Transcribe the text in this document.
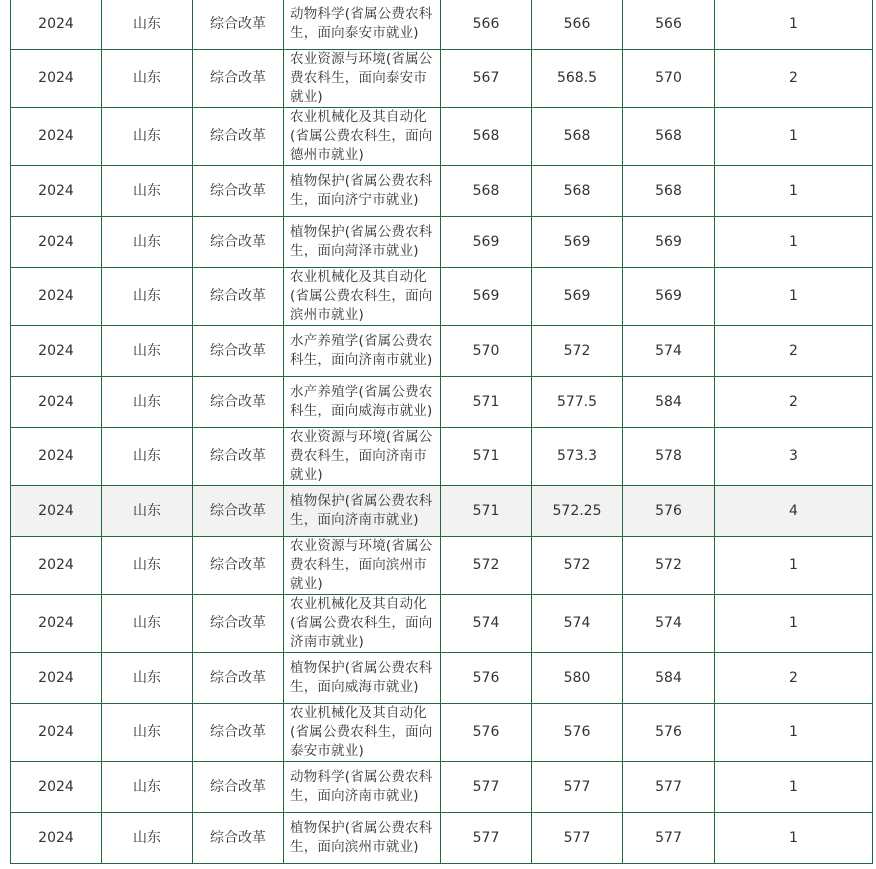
2024	山东	综合改革	动物科学(省属公费农科生，面向泰安市就业)	566	566	566	1
2024	山东	综合改革	农业资源与环境(省属公费农科生，面向泰安市就业)	567	568.5	570	2
2024	山东	综合改革	农业机械化及其自动化(省属公费农科生，面向德州市就业)	568	568	568	1
2024	山东	综合改革	植物保护(省属公费农科生，面向济宁市就业)	568	568	568	1
2024	山东	综合改革	植物保护(省属公费农科生，面向菏泽市就业)	569	569	569	1
2024	山东	综合改革	农业机械化及其自动化(省属公费农科生，面向滨州市就业)	569	569	569	1
2024	山东	综合改革	水产养殖学(省属公费农科生，面向济南市就业)	570	572	574	2
2024	山东	综合改革	水产养殖学(省属公费农科生，面向威海市就业)	571	577.5	584	2
2024	山东	综合改革	农业资源与环境(省属公费农科生，面向济南市就业)	571	573.3	578	3
2024	山东	综合改革	植物保护(省属公费农科生，面向济南市就业)	571	572.25	576	4
2024	山东	综合改革	农业资源与环境(省属公费农科生，面向滨州市就业)	572	572	572	1
2024	山东	综合改革	农业机械化及其自动化(省属公费农科生，面向济南市就业)	574	574	574	1
2024	山东	综合改革	植物保护(省属公费农科生，面向威海市就业)	576	580	584	2
2024	山东	综合改革	农业机械化及其自动化(省属公费农科生，面向泰安市就业)	576	576	576	1
2024	山东	综合改革	动物科学(省属公费农科生，面向济南市就业)	577	577	577	1
2024	山东	综合改革	植物保护(省属公费农科生，面向滨州市就业)	577	577	577	1
